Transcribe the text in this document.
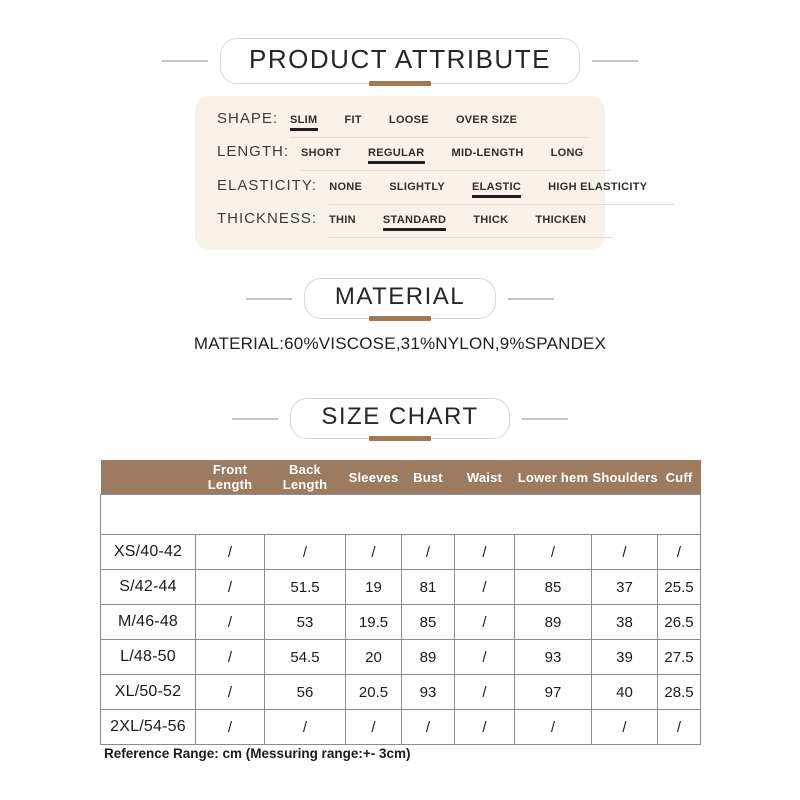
PRODUCT ATTRIBUTE
SHAPE: SLIM FIT LOOSE OVER SIZE
LENGTH: SHORT REGULAR MID-LENGTH LONG
ELASTICITY: NONE SLIGHTLY ELASTIC HIGH ELASTICITY
THICKNESS: THIN STANDARD THICK THICKEN
MATERIAL
MATERIAL:60%VISCOSE,31%NYLON,9%SPANDEX
SIZE CHART
	Front Length	Back Length	Sleeves	Bust	Waist	Lower hem	Shoulders	Cuff

XS/40-42	/	/	/	/	/	/	/	/
S/42-44	/	51.5	19	81	/	85	37	25.5
M/46-48	/	53	19.5	85	/	89	38	26.5
L/48-50	/	54.5	20	89	/	93	39	27.5
XL/50-52	/	56	20.5	93	/	97	40	28.5
2XL/54-56	/	/	/	/	/	/	/	/
Reference Range: cm (Messuring range:+- 3cm)
